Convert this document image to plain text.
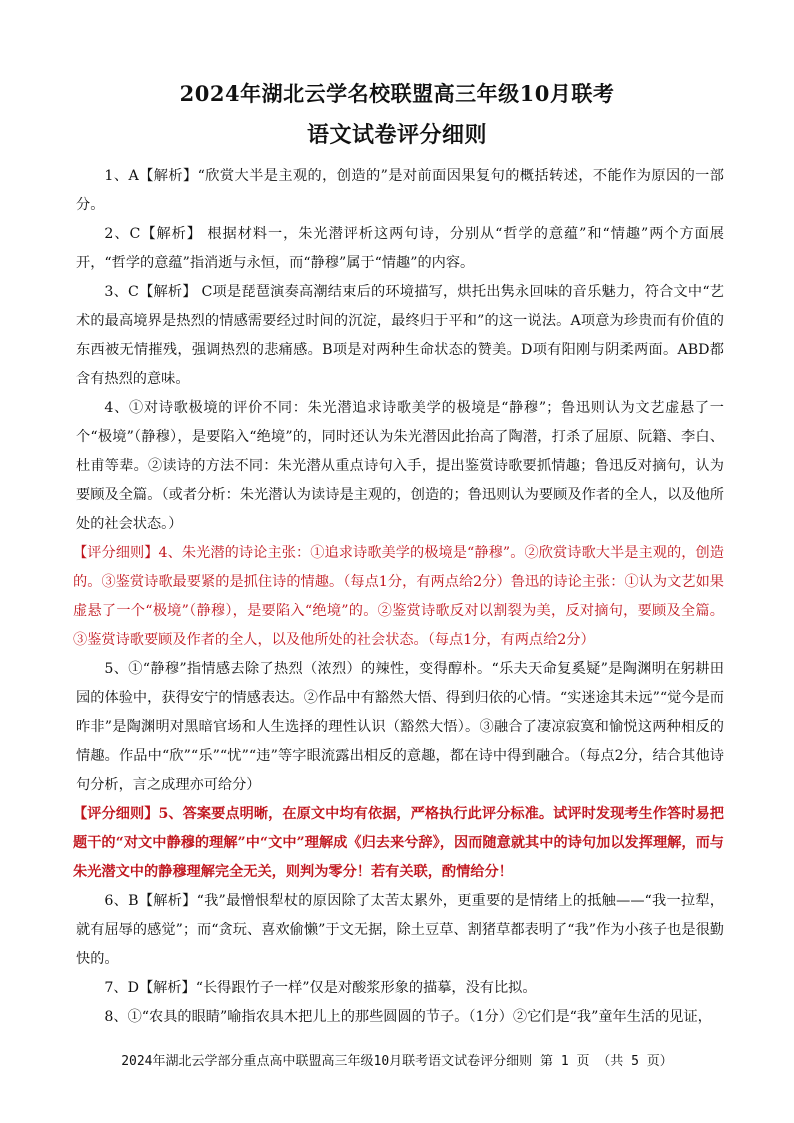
2024年湖北云学名校联盟高三年级10月联考
语文试卷评分细则

1、A【解析】“欣赏大半是主观的，创造的”是对前面因果复句的概括转述，不能作为原因的一部分。

2、C【解析】 根据材料一，朱光潜评析这两句诗，分别从“哲学的意蕴”和“情趣”两个方面展开，“哲学的意蕴”指消逝与永恒，而“静穆”属于“情趣”的内容。

3、C【解析】 C项是琵琶演奏高潮结束后的环境描写，烘托出隽永回味的音乐魅力，符合文中“艺术的最高境界是热烈的情感需要经过时间的沉淀，最终归于平和”的这一说法。A项意为珍贵而有价值的东西被无情摧残，强调热烈的悲痛感。B项是对两种生命状态的赞美。D项有阳刚与阴柔两面。ABD都含有热烈的意味。

4、①对诗歌极境的评价不同：朱光潜追求诗歌美学的极境是“静穆”；鲁迅则认为文艺虚悬了一个“极境”（静穆），是要陷入“绝境”的，同时还认为朱光潜因此抬高了陶潜，打杀了屈原、阮籍、李白、杜甫等辈。②读诗的方法不同：朱光潜从重点诗句入手，提出鉴赏诗歌要抓情趣；鲁迅反对摘句，认为要顾及全篇。（或者分析：朱光潜认为读诗是主观的，创造的；鲁迅则认为要顾及作者的全人，以及他所处的社会状态。）

【评分细则】4、朱光潜的诗论主张：①追求诗歌美学的极境是“静穆”。②欣赏诗歌大半是主观的，创造的。③鉴赏诗歌最要紧的是抓住诗的情趣。（每点1分，有两点给2分）鲁迅的诗论主张：①认为文艺如果虚悬了一个“极境”（静穆），是要陷入“绝境”的。②鉴赏诗歌反对以割裂为美，反对摘句，要顾及全篇。③鉴赏诗歌要顾及作者的全人，以及他所处的社会状态。（每点1分，有两点给2分）

5、①“静穆”指情感去除了热烈（浓烈）的辣性，变得醇朴。“乐夫天命复奚疑”是陶渊明在躬耕田园的体验中，获得安宁的情感表达。②作品中有豁然大悟、得到归依的心情。“实迷途其未远”“觉今是而昨非”是陶渊明对黑暗官场和人生选择的理性认识（豁然大悟）。③融合了凄凉寂寞和愉悦这两种相反的情趣。作品中“欣”“乐”“忧”“违”等字眼流露出相反的意趣，都在诗中得到融合。（每点2分，结合其他诗句分析，言之成理亦可给分）

【评分细则】5、答案要点明晰，在原文中均有依据，严格执行此评分标准。试评时发现考生作答时易把题干的“对文中静穆的理解”中“文中”理解成《归去来兮辞》，因而随意就其中的诗句加以发挥理解，而与朱光潜文中的静穆理解完全无关，则判为零分！若有关联，酌情给分！

6、B【解析】“我”最憎恨犁杖的原因除了太苦太累外，更重要的是情绪上的抵触——“我一拉犁，就有屈辱的感觉”；而“贪玩、喜欢偷懒”于文无据，除土豆草、割猪草都表明了“我”作为小孩子也是很勤快的。

7、D【解析】“长得跟竹子一样”仅是对酸浆形象的描摹，没有比拟。

8、①“农具的眼睛”喻指农具木把儿上的那些圆圆的节子。（1分）②它们是“我”童年生活的见证，

2024年湖北云学部分重点高中联盟高三年级10月联考语文试卷评分细则 第 1 页 （共 5 页）
